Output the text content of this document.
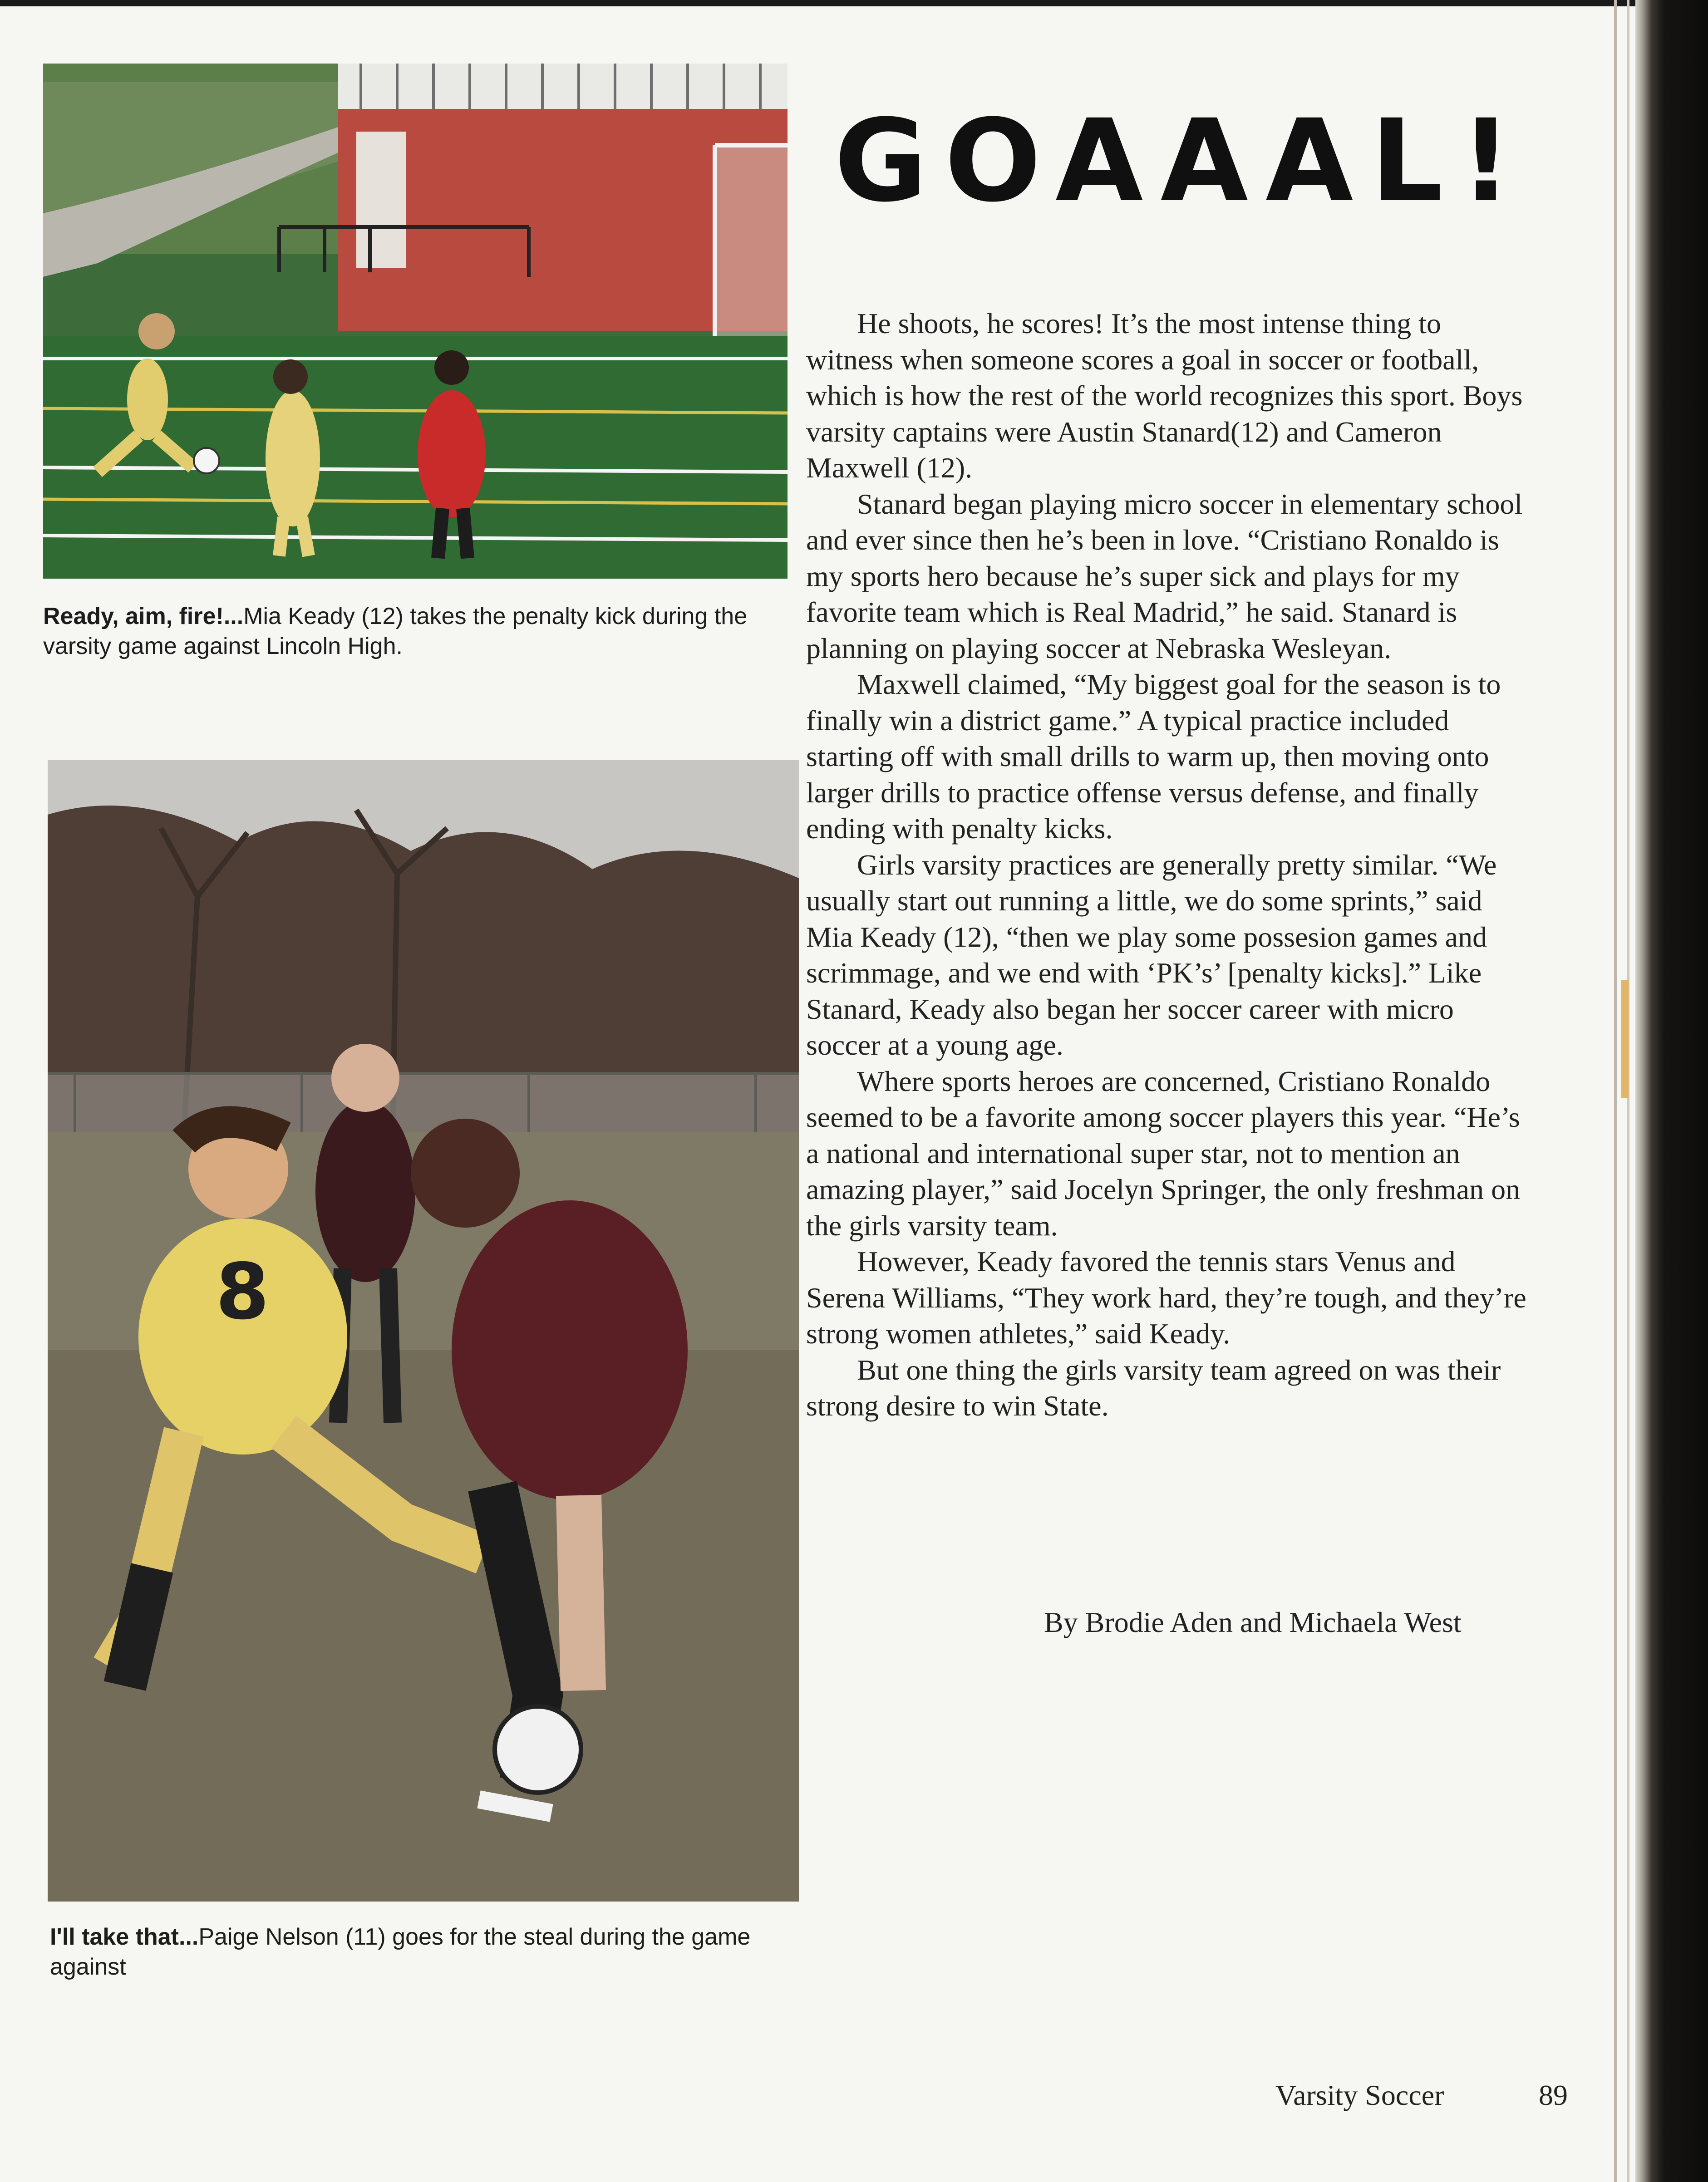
Ready, aim, fire!...Mia Keady (12) takes the penalty kick during the varsity game against Lincoln High.
8
I'll take that...Paige Nelson (11) goes for the steal during the game against
GOAAAL!

He shoots, he scores! It’s the most intense thing to witness when someone scores a goal in soccer or football, which is how the rest of the world recognizes this sport. Boys varsity captains were Austin Stanard(12) and Cameron Maxwell (12).

Stanard began playing micro soccer in elementary school and ever since then he’s been in love. “Cristiano Ronaldo is my sports hero because he’s super sick and plays for my favorite team which is Real Madrid,” he said. Stanard is planning on playing soccer at Nebraska Wesleyan.

Maxwell claimed, “My biggest goal for the season is to finally win a district game.” A typical practice included starting off with small drills to warm up, then moving onto larger drills to practice offense versus defense, and finally ending with penalty kicks.

Girls varsity practices are generally pretty similar. “We usually start out running a little, we do some sprints,” said Mia Keady (12), “then we play some possesion games and scrimmage, and we end with ‘PK’s’ [penalty kicks].” Like Stanard, Keady also began her soccer career with micro soccer at a young age.

Where sports heroes are concerned, Cristiano Ronaldo seemed to be a favorite among soccer players this year. “He’s a national and international super star, not to mention an amazing player,” said Jocelyn Springer, the only freshman on the girls varsity team.

However, Keady favored the tennis stars Venus and Serena Williams, “They work hard, they’re tough, and they’re strong women athletes,” said Keady.

But one thing the girls varsity team agreed on was their strong desire to win State.

By Brodie Aden and Michaela West
Varsity Soccer	89
